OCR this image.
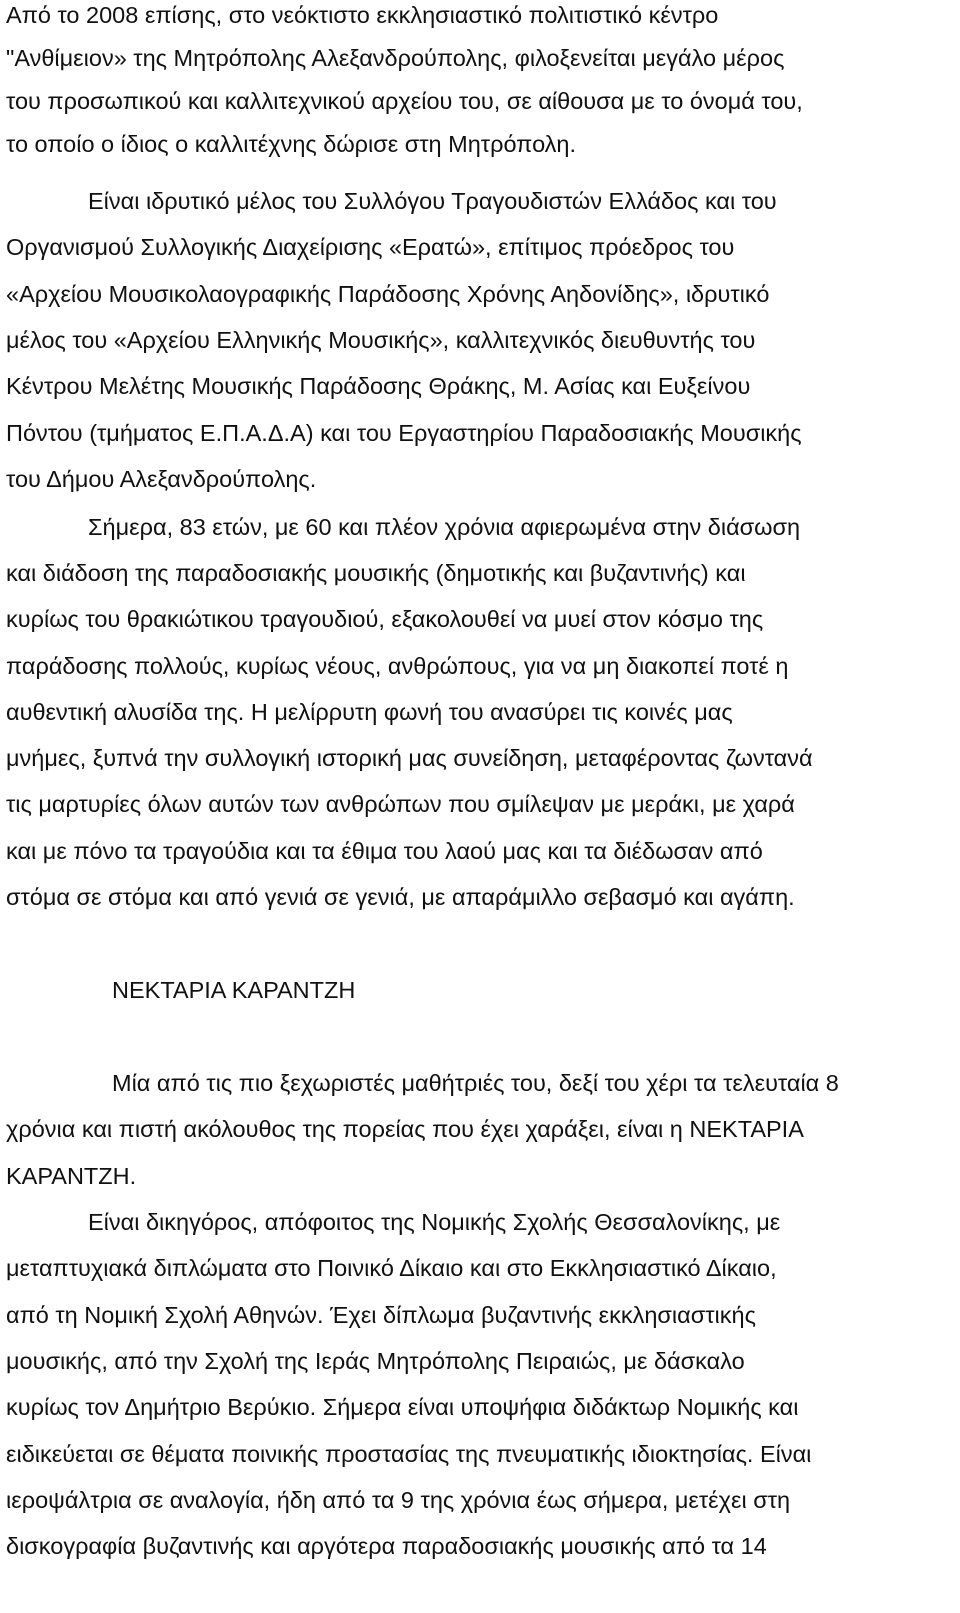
Από το 2008 επίσης, στο νεόκτιστο εκκλησιαστικό πολιτιστικό κέντρο
"Ανθίμειον» της Μητρόπολης Αλεξανδρούπολης, φιλοξενείται μεγάλο μέρος
του προσωπικού και καλλιτεχνικού αρχείου του, σε αίθουσα με το όνομά του,
το οποίο ο ίδιος ο καλλιτέχνης δώρισε στη Μητρόπολη.
Είναι ιδρυτικό μέλος του Συλλόγου Τραγουδιστών Ελλάδος και του
Οργανισμού Συλλογικής Διαχείρισης «Ερατώ», επίτιμος πρόεδρος του
«Αρχείου Μουσικολαογραφικής Παράδοσης Χρόνης Αηδονίδης», ιδρυτικό
μέλος του «Αρχείου Ελληνικής Μουσικής», καλλιτεχνικός διευθυντής του
Κέντρου Μελέτης Μουσικής Παράδοσης Θράκης, Μ. Ασίας και Ευξείνου
Πόντου (τμήματος Ε.Π.Α.Δ.Α) και του Εργαστηρίου Παραδοσιακής Μουσικής
του Δήμου Αλεξανδρούπολης.
Σήμερα, 83 ετών, με 60 και πλέον χρόνια αφιερωμένα στην διάσωση
και διάδοση της παραδοσιακής μουσικής (δημοτικής και βυζαντινής) και
κυρίως του θρακιώτικου τραγουδιού, εξακολουθεί να μυεί στον κόσμο της
παράδοσης πολλούς, κυρίως νέους, ανθρώπους, για να μη διακοπεί ποτέ η
αυθεντική αλυσίδα της. Η μελίρρυτη φωνή του ανασύρει τις κοινές μας
μνήμες, ξυπνά την συλλογική ιστορική μας συνείδηση, μεταφέροντας ζωντανά
τις μαρτυρίες όλων αυτών των ανθρώπων που σμίλεψαν με μεράκι, με χαρά
και με πόνο τα τραγούδια και τα έθιμα του λαού μας και τα διέδωσαν από
στόμα σε στόμα και από γενιά σε γενιά, με απαράμιλλο σεβασμό και αγάπη.
ΝΕΚΤΑΡΙΑ ΚΑΡΑΝΤΖΗ
Μία από τις πιο ξεχωριστές μαθήτριές του, δεξί του χέρι τα τελευταία 8
χρόνια και πιστή ακόλουθος της πορείας που έχει χαράξει, είναι η ΝΕΚΤΑΡΙΑ
ΚΑΡΑΝΤΖΗ.
Είναι δικηγόρος, απόφοιτος της Νομικής Σχολής Θεσσαλονίκης, με
μεταπτυχιακά διπλώματα στο Ποινικό Δίκαιο και στο Εκκλησιαστικό Δίκαιο,
από τη Νομική Σχολή Αθηνών. Έχει δίπλωμα βυζαντινής εκκλησιαστικής
μουσικής, από την Σχολή της Ιεράς Μητρόπολης Πειραιώς, με δάσκαλο
κυρίως τον Δημήτριο Βερύκιο. Σήμερα είναι υποψήφια διδάκτωρ Νομικής και
ειδικεύεται σε θέματα ποινικής προστασίας της πνευματικής ιδιοκτησίας. Είναι
ιεροψάλτρια σε αναλογία, ήδη από τα 9 της χρόνια έως σήμερα, μετέχει στη
δισκογραφία βυζαντινής και αργότερα παραδοσιακής μουσικής από τα 14
